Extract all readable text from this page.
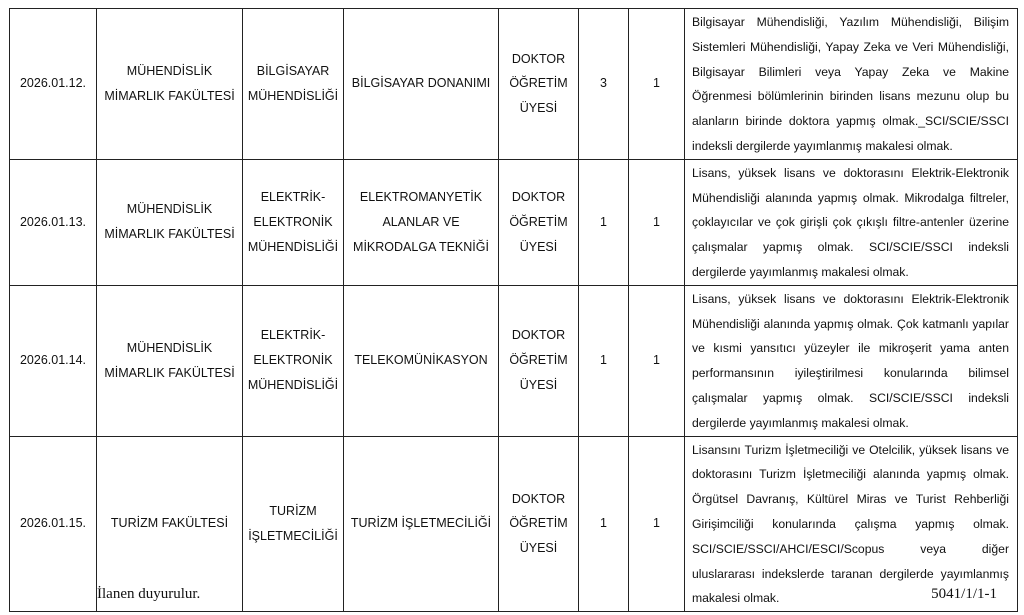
2026.01.12.	MÜHENDİSLİK MİMARLIK FAKÜLTESİ	BİLGİSAYAR MÜHENDİSLİĞİ	BİLGİSAYAR DONANIMI	DOKTOR ÖĞRETİM ÜYESİ	3	1	Bilgisayar Mühendisliği, Yazılım Mühendisliği, Bilişim Sistemleri Mühendisliği, Yapay Zeka ve Veri Mühendisliği, Bilgisayar Bilimleri veya Yapay Zeka ve Makine Öğrenmesi bölümlerinin birinden lisans mezunu olup bu alanların birinde doktora yapmış olmak._SCI/SCIE/SSCI indeksli dergilerde yayımlanmış makalesi olmak.
2026.01.13.	MÜHENDİSLİK MİMARLIK FAKÜLTESİ	ELEKTRİK-ELEKTRONİK MÜHENDİSLİĞİ	ELEKTROMANYETİK ALANLAR VE MİKRODALGA TEKNİĞİ	DOKTOR ÖĞRETİM ÜYESİ	1	1	Lisans, yüksek lisans ve doktorasını Elektrik-Elektronik Mühendisliği alanında yapmış olmak. Mikrodalga filtreler, çoklayıcılar ve çok girişli çok çıkışlı filtre-antenler üzerine çalışmalar yapmış olmak. SCI/SCIE/SSCI indeksli dergilerde yayımlanmış makalesi olmak.
2026.01.14.	MÜHENDİSLİK MİMARLIK FAKÜLTESİ	ELEKTRİK-ELEKTRONİK MÜHENDİSLİĞİ	TELEKOMÜNİKASYON	DOKTOR ÖĞRETİM ÜYESİ	1	1	Lisans, yüksek lisans ve doktorasını Elektrik-Elektronik Mühendisliği alanında yapmış olmak. Çok katmanlı yapılar ve kısmi yansıtıcı yüzeyler ile mikroşerit yama anten performansının iyileştirilmesi konularında bilimsel çalışmalar yapmış olmak. SCI/SCIE/SSCI indeksli dergilerde yayımlanmış makalesi olmak.
2026.01.15.	TURİZM FAKÜLTESİ	TURİZM İŞLETMECİLİĞİ	TURİZM İŞLETMECİLİĞİ	DOKTOR ÖĞRETİM ÜYESİ	1	1	Lisansını Turizm İşletmeciliği ve Otelcilik, yüksek lisans ve doktorasını Turizm İşletmeciliği alanında yapmış olmak. Örgütsel Davranış, Kültürel Miras ve Turist Rehberliği Girişimciliği konularında çalışma yapmış olmak. SCI/SCIE/SSCI/AHCI/ESCI/Scopus veya diğer uluslararası indekslerde taranan dergilerde yayımlanmış makalesi olmak.
İlanen duyurulur.	5041/1/1-1
